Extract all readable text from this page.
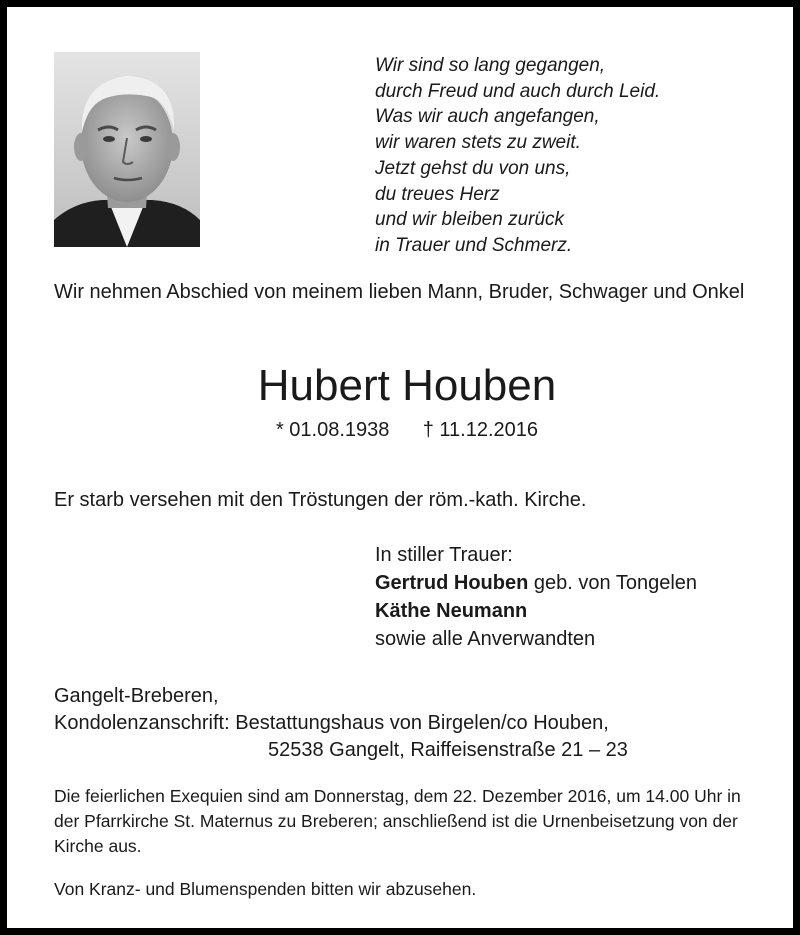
Wir sind so lang gegangen,
durch Freud und auch durch Leid.
Was wir auch angefangen,
wir waren stets zu zweit.
Jetzt gehst du von uns,
du treues Herz
und wir bleiben zurück
in Trauer und Schmerz.
Wir nehmen Abschied von meinem lieben Mann, Bruder, Schwager und Onkel
Hubert Houben
* 01.08.1938 † 11.12.2016
Er starb versehen mit den Tröstungen der röm.-kath. Kirche.
In stiller Trauer:
Gertrud Houben geb. von Tongelen
Käthe Neumann
sowie alle Anverwandten
Gangelt-Breberen,
Kondolenzanschrift: Bestattungshaus von Birgelen/co Houben,
52538 Gangelt, Raiffeisenstraße 21 – 23
Die feierlichen Exequien sind am Donnerstag, dem 22. Dezember 2016, um 14.00 Uhr in der Pfarrkirche St. Maternus zu Breberen; anschließend ist die Urnenbeisetzung von der Kirche aus.
Von Kranz- und Blumenspenden bitten wir abzusehen.
